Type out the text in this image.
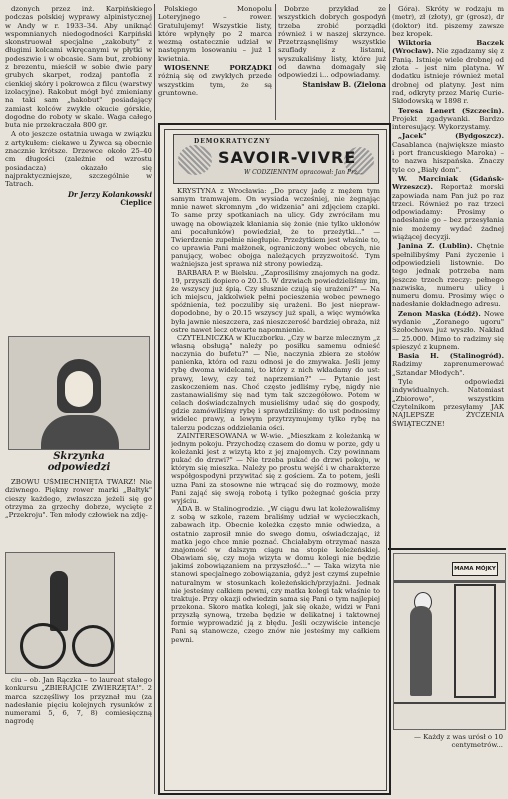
dzonych przez inż. Karpińskiego podczas polskiej wyprawy alpinistycznej w Andy w r. 1933–34. Aby uniknąć wspomnianych niedogodności Karpiński skonstruował specjalne „zakobuty" z długimi kolcami wkręcanymi w płytki w podeszwie i w obcasie. Sam but, zrobiony z brezentu, mieścił w sobie dwie pary grubych skarpet, rodzaj pantofla z cienkiej skóry i pokrowca z filcu (warstwy izolacyjne). Rakobut mógł być zmieniany na taki sam „hakobut" posiadający zamiast kolców zwykłe okucie górskie, dogodne do roboty w skale. Waga całego buta nie przekraczała 800 gr.

A oto jeszcze ostatnia uwaga w związku z artykułem: ciekawe u Żywca są obecnie znacznie krótsze. Drzewce około 25–40 cm długości (zależnie od wzrostu posiadacza) okazało się najpraktyczniejsze, szczególnie w Tatrach.

Dr Jerzy Kolankowski
Cieplice
Skrzynka odpowiedzi

ZBOWU UŚMIECHNIĘTA TWARZ! Nie dziwnego. Piękny rower marki „Bałtyk" cieszy każdego, zwłaszcza jeżeli się go otrzyma za grzechy dobrze, wycięte z „Przekroju". Ten młody człowiek na zdję-

ciu – ob. Jan Rączka – to laureat stałego konkursu „ZBIERAJCIE ZWIERZĘTA!". 2 marca szczęśliwy los przyznał mu (za nadesłanie pięciu kolejnych rysunków z numerami 5, 6, 7, 8) comiesięczną nagrodę

Polskiego Monopolu Loteryjnego – rower. Gratulujemy! Wszystkie listy, które wpłynęły po 2 marca wezmą ostatecznie udział w następnym losowaniu – już 1 kwietnia.

WIOSENNE PORZĄDKI różnią się od zwykłych przede wszystkim tym, że są gruntowne.

Dobrze przykład ze wszystkich dobrych gospodyń trzeba zrobić porządki również i w naszej skrzynce. Przetrząsnęliśmy wszystkie szuflady z listami, wyszukaliśmy listy, które już od dawna domagały się odpowiedzi i... odpowiadamy.

Stanisław B. (Zielona
DEMOKRATYCZNY
SAVOIR-VIVRE
W CODZIENNYM opracował: Jan Prz...

KRYSTYNA z Wrocławia: „Do pracy jadę z mężem tym samym tramwajem. On wysiada wcześniej, nie żegnając mnie nawet skromnym „do widzenia" ani zdjęciem czapki. To same przy spotkaniach na ulicy. Gdy zwróciłam mu uwagę na obowiązek kłaniania się żonie (nie tylko ukłonów ani pocałunków) powiedział, że to przeżytki..." — Twierdzenie zupełnie niegłupie. Przeżytkiem jest właśnie to, co uprawia Pani małżonek, ograniczony wobec obcych, nie panujący, wobec obojga należących przyzwoitość. Tym ważniejsza jest sprawa niż strony powiedzą.

BARBARA P. w Bielsku. „Zaprosiliśmy znajomych na godz. 19, przyszli dopiero o 20.15. W drzwiach powiedzieliśmy im, że wszyscy już śpią. Czy słusznie czują się urażeni?" — Na ich miejscu, jakkolwiek pełni pocieszenia wobec pewnego spóźnienia, też poczuliby się urażeni. Bo jest niepraw-dopodobne, by o 20.15 wszyscy już spali, a więc wymówka była jawnie nieszczera, zaś nieszczerość bardziej obraża, niż ostre nawet lecz otwarte napomnienie.

CZYTELNICZKA w Kluczborku. „Czy w barze mlecznym „z własną obsługą" należy po posiłku samemu odnieść naczynia do bufetu?" — Nie, naczynia zbiera ze stołów panienka, która od razu odnosi je do zmywaka. Jeśli jemy rybę dwoma widelcami, to który z nich wkładamy do ust: prawy, lewy, czy też naprzemian?" — Pytanie jest zaskoczeniem nas. Choć często jedliśmy rybę, nigdy nie zastanawialiśmy się nad tym tak szczegółowo. Potem w celach doświadczalnych musieliśmy udać się do gospody, gdzie zamówiliśmy rybę i sprawdziliśmy: do ust podnosimy widelec prawy, a lewym przytrzymujemy tylko rybę na talerzu podczas oddzielania ości.

ZAINTERESOWANA w W-wie. „Mieszkam z koleżanką w jednym pokoju. Przychodzę czasem do domu w porze, gdy u koleżanki jest z wizytą kto z jej znajomych. Czy powinnam pukać do drzwi?" — Nie trzeba pukać do drzwi pokoju, w którym się mieszka. Należy po prostu wejść i w charakterze współgospodyni przywitać się z gościem. Za to potem, jeśli uzna Pani za stosowne nie wtrącać się do rozmowy, może Pani zająć się swoją robotą i tylko pożegnać gościa przy wyjściu.

ADA B. w Stalinogrodzie. „W ciągu dwu lat koleżowaliśmy z sobą w szkole, razem braliśmy udział w wycieczkach, zabawach itp. Obecnie koleżka często mnie odwiedza, a ostatnio zaprosił mnie do swego domu, oświadczając, iż matka jego chce mnie poznać. Chciałabym otrzymać nasza znajomość w dalszym ciągu na stopie koleżeńskiej. Obawiam się, czy moja wizyta w domu kolegi nie będzie jakimś zobowiązaniem na przyszłość..." — Taka wizyta nie stanowi specjalnego zobowiązania, gdyż jest czymś zupełnie naturalnym w stosunkach koleżeńskich/przyjaźni. Jednak nie jesteśmy całkiem pewni, czy matka kolegi tak właśnie to traktuje. Przy okazji odwiedzin sama się Pani o tym najlepiej przekona. Skoro matka kolegi, jak się okaże, widzi w Pani przyszłą synową, trzeba będzie w delikatnej i taktownej formie wyprowadzić ją z błędu. Jeśli oczywiście intencje Pani są stanowcze, czego znów nie jesteśmy my całkiem pewni.

Góra). Skróty w rodzaju m (metr), zł (złoty), gr (grosz), dr (doktor) itd. piszemy zawsze bez kropek.

Wiktoria Baczek (Wrocław). Nie zgadzamy się z Panią. Istnieje wiele drobnej od złota – jest nim platyna. W dodatku istnieje również metal drobnej od platyny. Jest nim rad, odkryty przez Marię Curie-Skłodowską w 1898 r.

Teresa Lenert (Szczecin). Projekt zgadywanki. Bardzo interesujący. Wykorzystamy.

„Jacek" (Bydgoszcz). Casablanca (największe miasto i port francuskiego Maroka) – to nazwa hiszpańska. Znaczy tyle co „Biały dom".

W. Marciniak (Gdańsk-Wrzeszcz). Reportaż morski zapowiada nam Pan już po raz trzeci. Również po raz trzeci odpowiadamy: Prosimy o nadesłanie go – bez przesyłania nie możemy wydać żadnej wiążącej decyzji.

Janina Z. (Lublin). Chętnie spełnilibyśmy Pani życzenie i odpowiedzieli listownie. Do tego jednak potrzeba nam jeszcze trzech rzeczy: pełnego nazwiska, numeru ulicy i numeru domu. Prosimy więc o nadesłanie dokładnego adresu.

Zenon Maska (Łódź). Nowe wydanie „Zoranego ugoru" Szołochowa już wyszło. Nakład — 25.000. Mimo to radzimy się spieszyć z kupnem.

Basia H. (Stalinogród). Radzimy zaprenumerować „Sztandar Młodych".

Tyle odpowiedzi indywidualnych. Natomiast „Zbiorowo", wszystkim Czytelnikom przesyłamy JAK NAJLEPSZE ŻYCZENIA ŚWIĄTECZNE!

MAMA MÓJKY

— Każdy z was urósł o 10 centymetrów...
